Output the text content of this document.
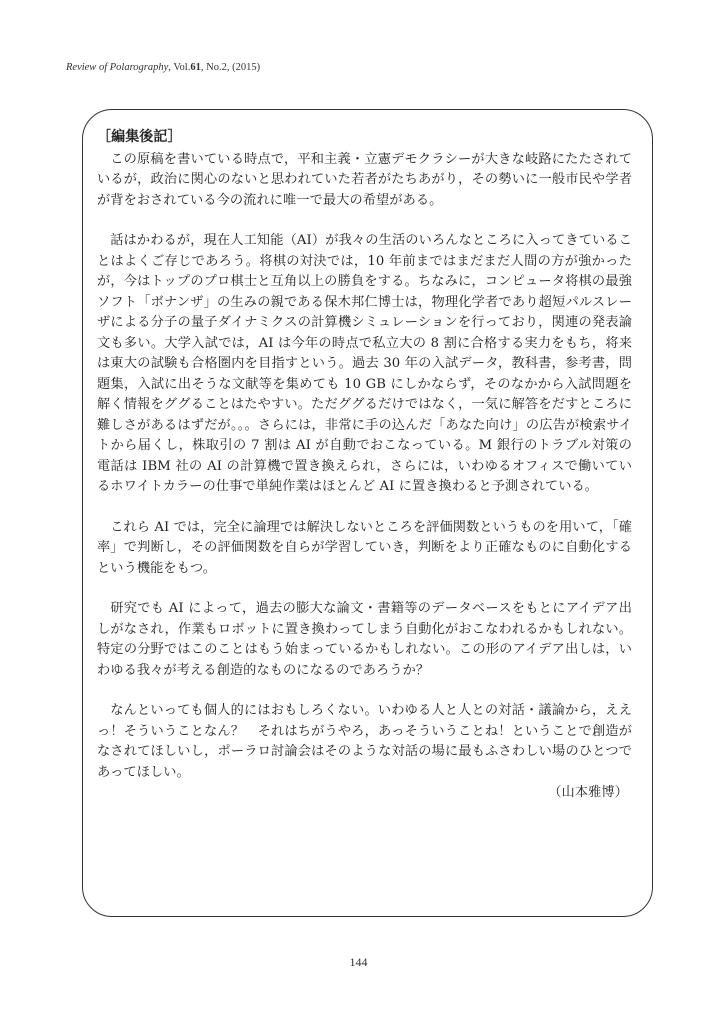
Review of Polarography, Vol.61, No.2, (2015)

［編集後記］

この原稿を書いている時点で，平和主義・立憲デモクラシーが大きな岐路にたたされているが，政治に関心のないと思われていた若者がたちあがり，その勢いに一般市民や学者が背をおされている今の流れに唯一で最大の希望がある。

話はかわるが，現在人工知能（AI）が我々の生活のいろんなところに入ってきていることはよくご存じであろう。将棋の対決では，10 年前まではまだまだ人間の方が強かったが，今はトップのプロ棋士と互角以上の勝負をする。ちなみに，コンピュータ将棋の最強ソフト「ボナンザ」の生みの親である保木邦仁博士は，物理化学者であり超短パルスレーザによる分子の量子ダイナミクスの計算機シミュレーションを行っており，関連の発表論文も多い。大学入試では，AI は今年の時点で私立大の 8 割に合格する実力をもち，将来は東大の試験も合格圏内を目指すという。過去 30 年の入試データ，教科書，参考書，問題集，入試に出そうな文献等を集めても 10 GB にしかならず，そのなかから入試問題を解く情報をググることはたやすい。ただググるだけではなく，一気に解答をだすところに難しさがあるはずだが。。。さらには，非常に手の込んだ「あなた向け」の広告が検索サイトから届くし，株取引の 7 割は AI が自動でおこなっている。M 銀行のトラブル対策の電話は IBM 社の AI の計算機で置き換えられ，さらには，いわゆるオフィスで働いているホワイトカラーの仕事で単純作業はほとんど AI に置き換わると予測されている。

これら AI では，完全に論理では解決しないところを評価関数というものを用いて，「確率」で判断し，その評価関数を自らが学習していき，判断をより正確なものに自動化するという機能をもつ。

研究でも AI によって，過去の膨大な論文・書籍等のデータベースをもとにアイデア出しがなされ，作業もロボットに置き換わってしまう自動化がおこなわれるかもしれない。特定の分野ではこのことはもう始まっているかもしれない。この形のアイデア出しは，いわゆる我々が考える創造的なものになるのであろうか？

なんといっても個人的にはおもしろくない。いわゆる人と人との対話・議論から，ええっ！そういうことなん？　それはちがうやろ，あっそういうことね！ということで創造がなされてほしいし，ポーラロ討論会はそのような対話の場に最もふさわしい場のひとつであってほしい。

（山本雅博）

144
